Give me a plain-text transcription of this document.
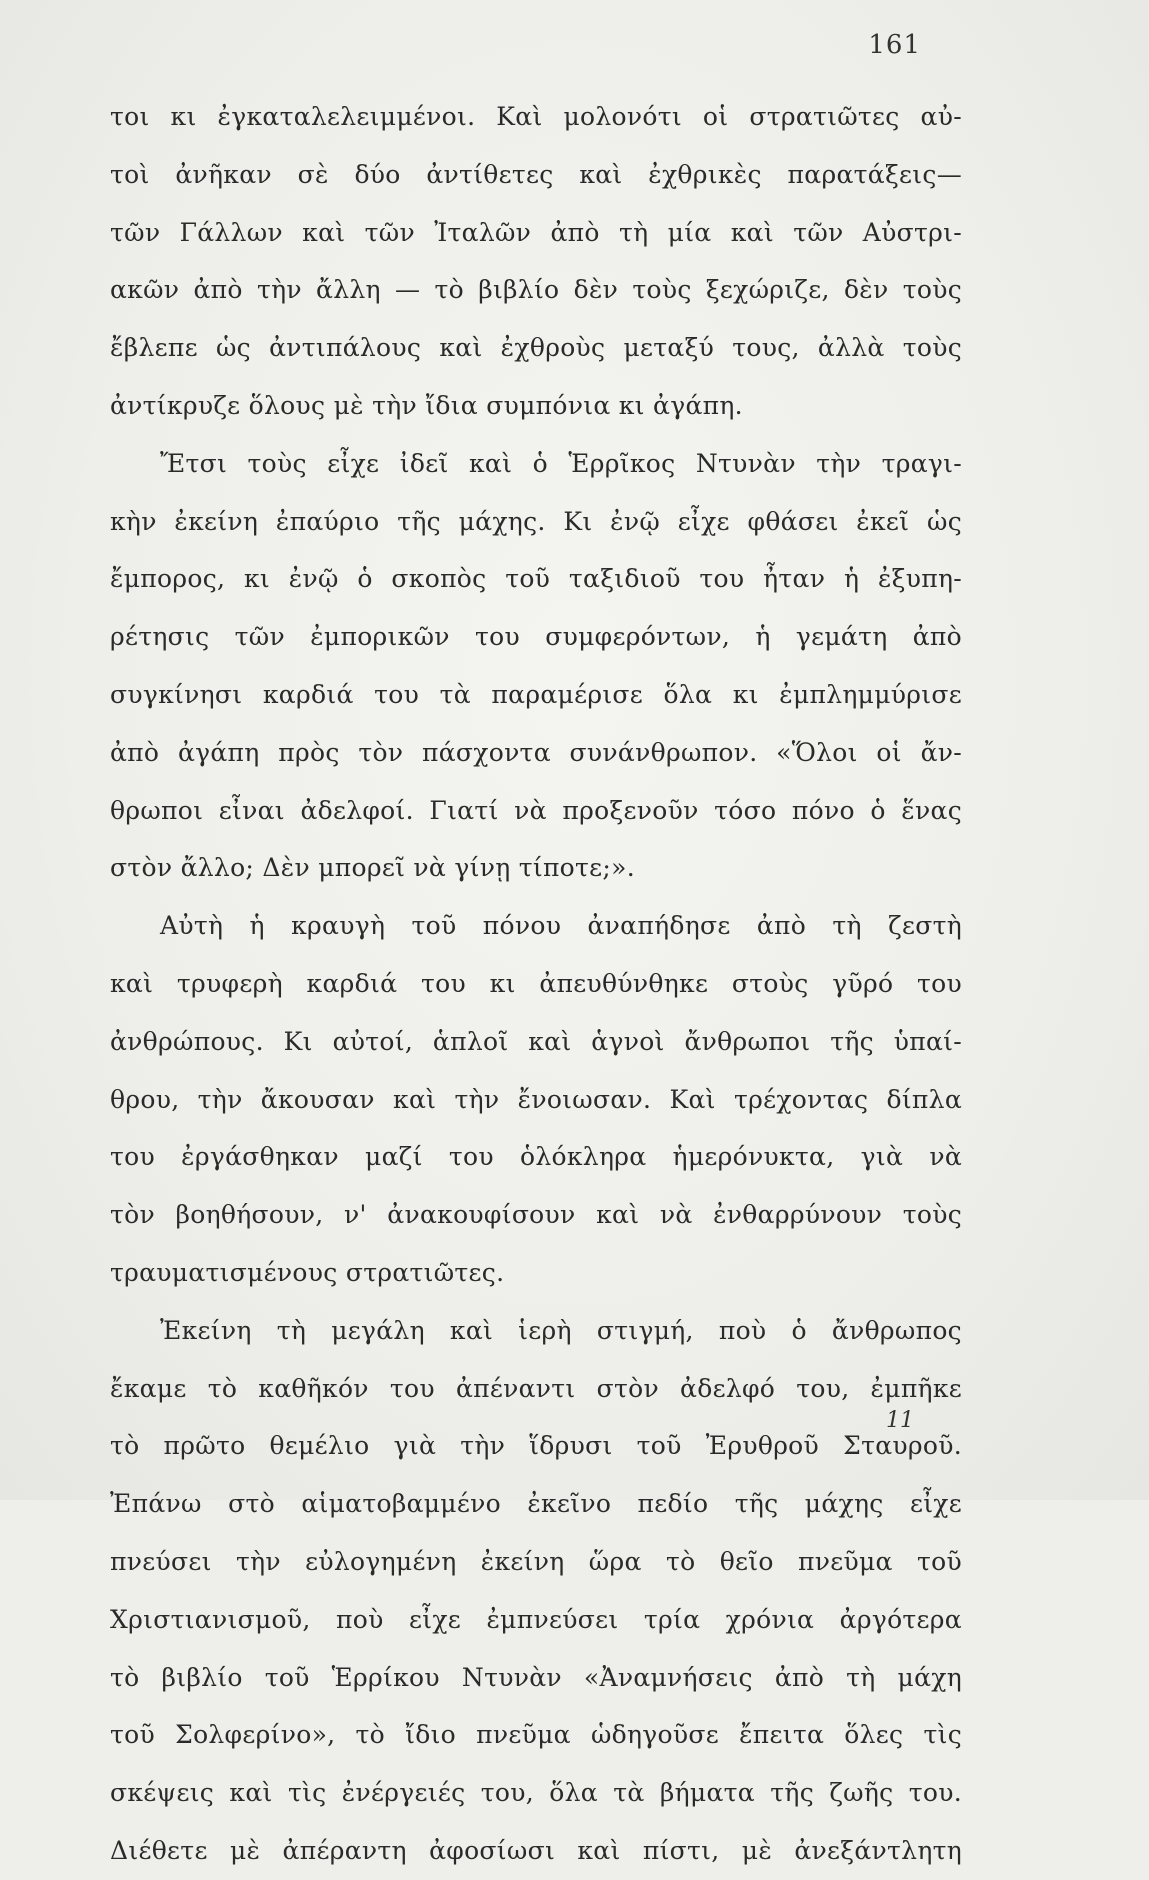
161
τοι κι ἐγκαταλελειμμένοι. Καὶ μολονότι οἱ στρατιῶτες αὐ-
τοὶ ἀνῆκαν σὲ δύο ἀντίθετες καὶ ἐχθρικὲς παρατάξεις—
τῶν Γάλλων καὶ τῶν Ἰταλῶν ἀπὸ τὴ μία καὶ τῶν Αὐστρι-
ακῶν ἀπὸ τὴν ἄλλη — τὸ βιβλίο δὲν τοὺς ξεχώριζε, δὲν τοὺς
ἔβλεπε ὡς ἀντιπάλους καὶ ἐχθροὺς μεταξύ τους, ἀλλὰ τοὺς
ἀντίκρυζε ὅλους μὲ τὴν ἴδια συμπόνια κι ἀγάπη.
Ἔτσι τοὺς εἶχε ἰδεῖ καὶ ὁ Ἑρρῖκος Ντυνὰν τὴν τραγι-
κὴν ἐκείνη ἐπαύριο τῆς μάχης. Κι ἐνῷ εἶχε φθάσει ἐκεῖ ὡς
ἔμπορος, κι ἐνῷ ὁ σκοπὸς τοῦ ταξιδιοῦ του ἦταν ἡ ἐξυπη-
ρέτησις τῶν ἐμπορικῶν του συμφερόντων, ἡ γεμάτη ἀπὸ
συγκίνησι καρδιά του τὰ παραμέρισε ὅλα κι ἐμπλημμύρισε
ἀπὸ ἀγάπη πρὸς τὸν πάσχοντα συνάνθρωπον. «Ὅλοι οἱ ἄν-
θρωποι εἶναι ἀδελφοί. Γιατί νὰ προξενοῦν τόσο πόνο ὁ ἕνας
στὸν ἄλλο; Δὲν μπορεῖ νὰ γίνῃ τίποτε;».
Αὐτὴ ἡ κραυγὴ τοῦ πόνου ἀναπήδησε ἀπὸ τὴ ζεστὴ
καὶ τρυφερὴ καρδιά του κι ἀπευθύνθηκε στοὺς γῦρό του
ἀνθρώπους. Κι αὐτοί, ἁπλοῖ καὶ ἁγνοὶ ἄνθρωποι τῆς ὑπαί-
θρου, τὴν ἄκουσαν καὶ τὴν ἔνοιωσαν. Καὶ τρέχοντας δίπλα
του ἐργάσθηκαν μαζί του ὁλόκληρα ἡμερόνυκτα, γιὰ νὰ
τὸν βοηθήσουν, ν' ἀνακουφίσουν καὶ νὰ ἐνθαρρύνουν τοὺς
τραυματισμένους στρατιῶτες.
Ἐκείνη τὴ μεγάλη καὶ ἱερὴ στιγμή, ποὺ ὁ ἄνθρωπος
ἔκαμε τὸ καθῆκόν του ἀπέναντι στὸν ἀδελφό του, ἐμπῆκε
τὸ πρῶτο θεμέλιο γιὰ τὴν ἵδρυσι τοῦ Ἐρυθροῦ Σταυροῦ.
Ἐπάνω στὸ αἱματοβαμμένο ἐκεῖνο πεδίο τῆς μάχης εἶχε
πνεύσει τὴν εὐλογημένη ἐκείνη ὥρα τὸ θεῖο πνεῦμα τοῦ
Χριστιανισμοῦ, ποὺ εἶχε ἐμπνεύσει τρία χρόνια ἀργότερα
τὸ βιβλίο τοῦ Ἑρρίκου Ντυνὰν «Ἀναμνήσεις ἀπὸ τὴ μάχη
τοῦ Σολφερίνο», τὸ ἴδιο πνεῦμα ὡδηγοῦσε ἔπειτα ὅλες τὶς
σκέψεις καὶ τὶς ἐνέργειές του, ὅλα τὰ βήματα τῆς ζωῆς του.
Διέθετε μὲ ἀπέραντη ἀφοσίωσι καὶ πίστι, μὲ ἀνεξάντλητη
11
